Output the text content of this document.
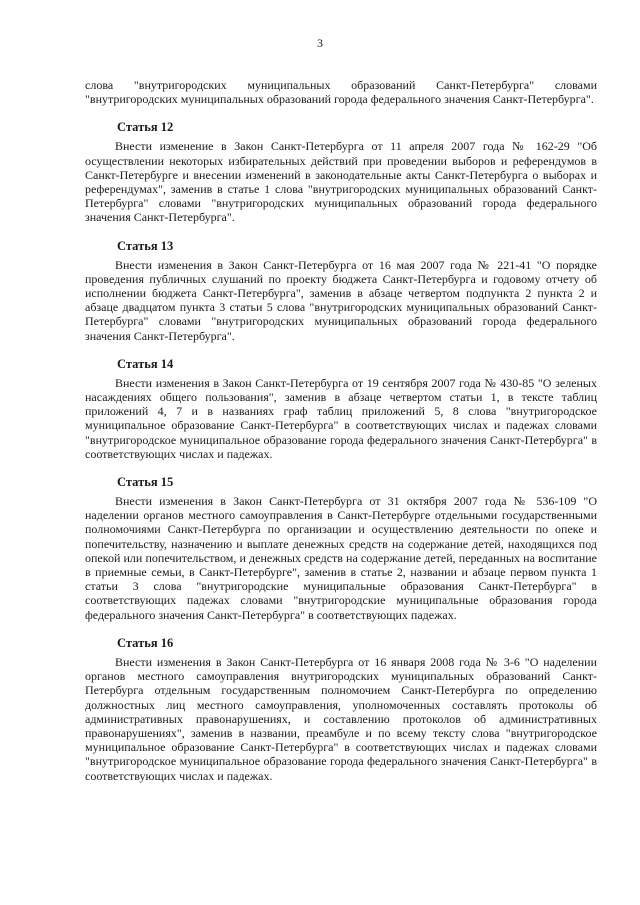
3

слова "внутригородских муниципальных образований Санкт-Петербурга" словами "внутригородских муниципальных образований города федерального значения Санкт-Петербурга".

Статья 12

Внести изменение в Закон Санкт-Петербурга от 11 апреля 2007 года № 162-29 "Об осуществлении некоторых избирательных действий при проведении выборов и референдумов в Санкт-Петербурге и внесении изменений в законодательные акты Санкт-Петербурга о выборах и референдумах", заменив в статье 1 слова "внутригородских муниципальных образований Санкт-Петербурга" словами "внутригородских муниципальных образований города федерального значения Санкт-Петербурга".

Статья 13

Внести изменения в Закон Санкт-Петербурга от 16 мая 2007 года № 221-41 "О порядке проведения публичных слушаний по проекту бюджета Санкт-Петербурга и годовому отчету об исполнении бюджета Санкт-Петербурга", заменив в абзаце четвертом подпункта 2 пункта 2 и абзаце двадцатом пункта 3 статьи 5 слова "внутригородских муниципальных образований Санкт-Петербурга" словами "внутригородских муниципальных образований города федерального значения Санкт-Петербурга".

Статья 14

Внести изменения в Закон Санкт-Петербурга от 19 сентября 2007 года № 430-85 "О зеленых насаждениях общего пользования", заменив в абзаце четвертом статьи 1, в тексте таблиц приложений 4, 7 и в названиях граф таблиц приложений 5, 8 слова "внутригородское муниципальное образование Санкт-Петербурга" в соответствующих числах и падежах словами "внутригородское муниципальное образование города федерального значения Санкт-Петербурга" в соответствующих числах и падежах.

Статья 15

Внести изменения в Закон Санкт-Петербурга от 31 октября 2007 года № 536-109 "О наделении органов местного самоуправления в Санкт-Петербурге отдельными государственными полномочиями Санкт-Петербурга по организации и осуществлению деятельности по опеке и попечительству, назначению и выплате денежных средств на содержание детей, находящихся под опекой или попечительством, и денежных средств на содержание детей, переданных на воспитание в приемные семьи, в Санкт-Петербурге", заменив в статье 2, названии и абзаце первом пункта 1 статьи 3 слова "внутригородские муниципальные образования Санкт-Петербурга" в соответствующих падежах словами "внутригородские муниципальные образования города федерального значения Санкт-Петербурга" в соответствующих падежах.

Статья 16

Внести изменения в Закон Санкт-Петербурга от 16 января 2008 года № 3-6 "О наделении органов местного самоуправления внутригородских муниципальных образований Санкт-Петербурга отдельным государственным полномочием Санкт-Петербурга по определению должностных лиц местного самоуправления, уполномоченных составлять протоколы об административных правонарушениях, и составлению протоколов об административных правонарушениях", заменив в названии, преамбуле и по всему тексту слова "внутригородское муниципальное образование Санкт-Петербурга" в соответствующих числах и падежах словами "внутригородское муниципальное образование города федерального значения Санкт-Петербурга" в соответствующих числах и падежах.
